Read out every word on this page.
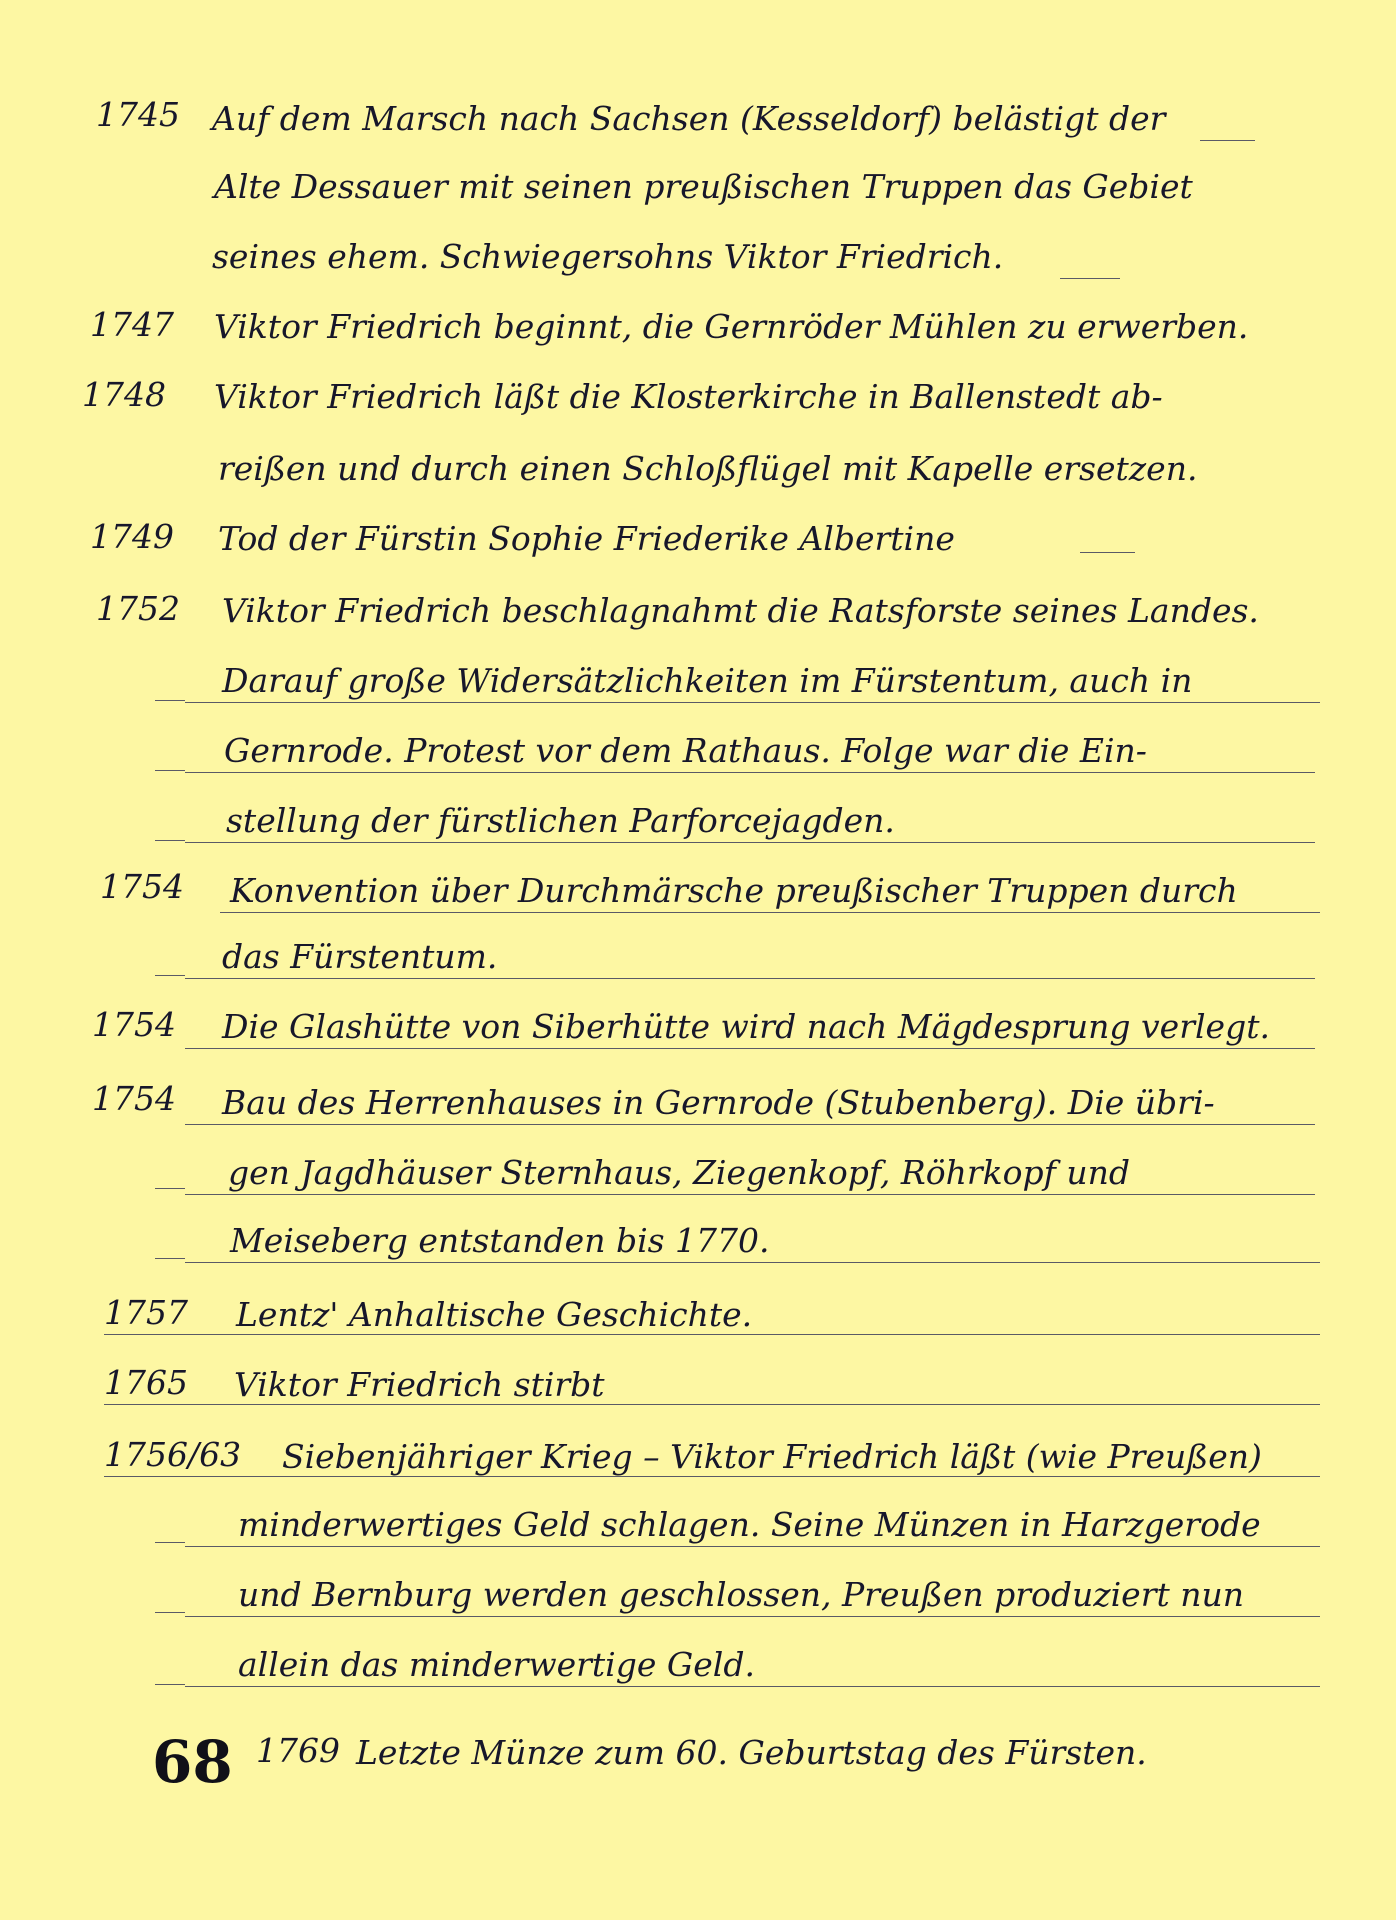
1745 Auf dem Marsch nach Sachsen (Kesseldorf) belästigt der
Alte Dessauer mit seinen preußischen Truppen das Gebiet
seines ehem. Schwiegersohns Viktor Friedrich.
1747 Viktor Friedrich beginnt, die Gernröder Mühlen zu erwerben.
1748 Viktor Friedrich läßt die Klosterkirche in Ballenstedt ab-
reißen und durch einen Schloßflügel mit Kapelle ersetzen.
1749 Tod der Fürstin Sophie Friederike Albertine
1752 Viktor Friedrich beschlagnahmt die Ratsforste seines Landes.
Darauf große Widersätzlichkeiten im Fürstentum, auch in
Gernrode. Protest vor dem Rathaus. Folge war die Ein-
stellung der fürstlichen Parforcejagden.
1754 Konvention über Durchmärsche preußischer Truppen durch
das Fürstentum.
1754 Die Glashütte von Siberhütte wird nach Mägdesprung verlegt.
1754 Bau des Herrenhauses in Gernrode (Stubenberg). Die übri-
gen Jagdhäuser Sternhaus, Ziegenkopf, Röhrkopf und
Meiseberg entstanden bis 1770.
1757 Lentz' Anhaltische Geschichte.
1765 Viktor Friedrich stirbt
1756/63 Siebenjähriger Krieg – Viktor Friedrich läßt (wie Preußen)
minderwertiges Geld schlagen. Seine Münzen in Harzgerode
und Bernburg werden geschlossen, Preußen produziert nun
allein das minderwertige Geld.
1769 Letzte Münze zum 60. Geburtstag des Fürsten.
68
